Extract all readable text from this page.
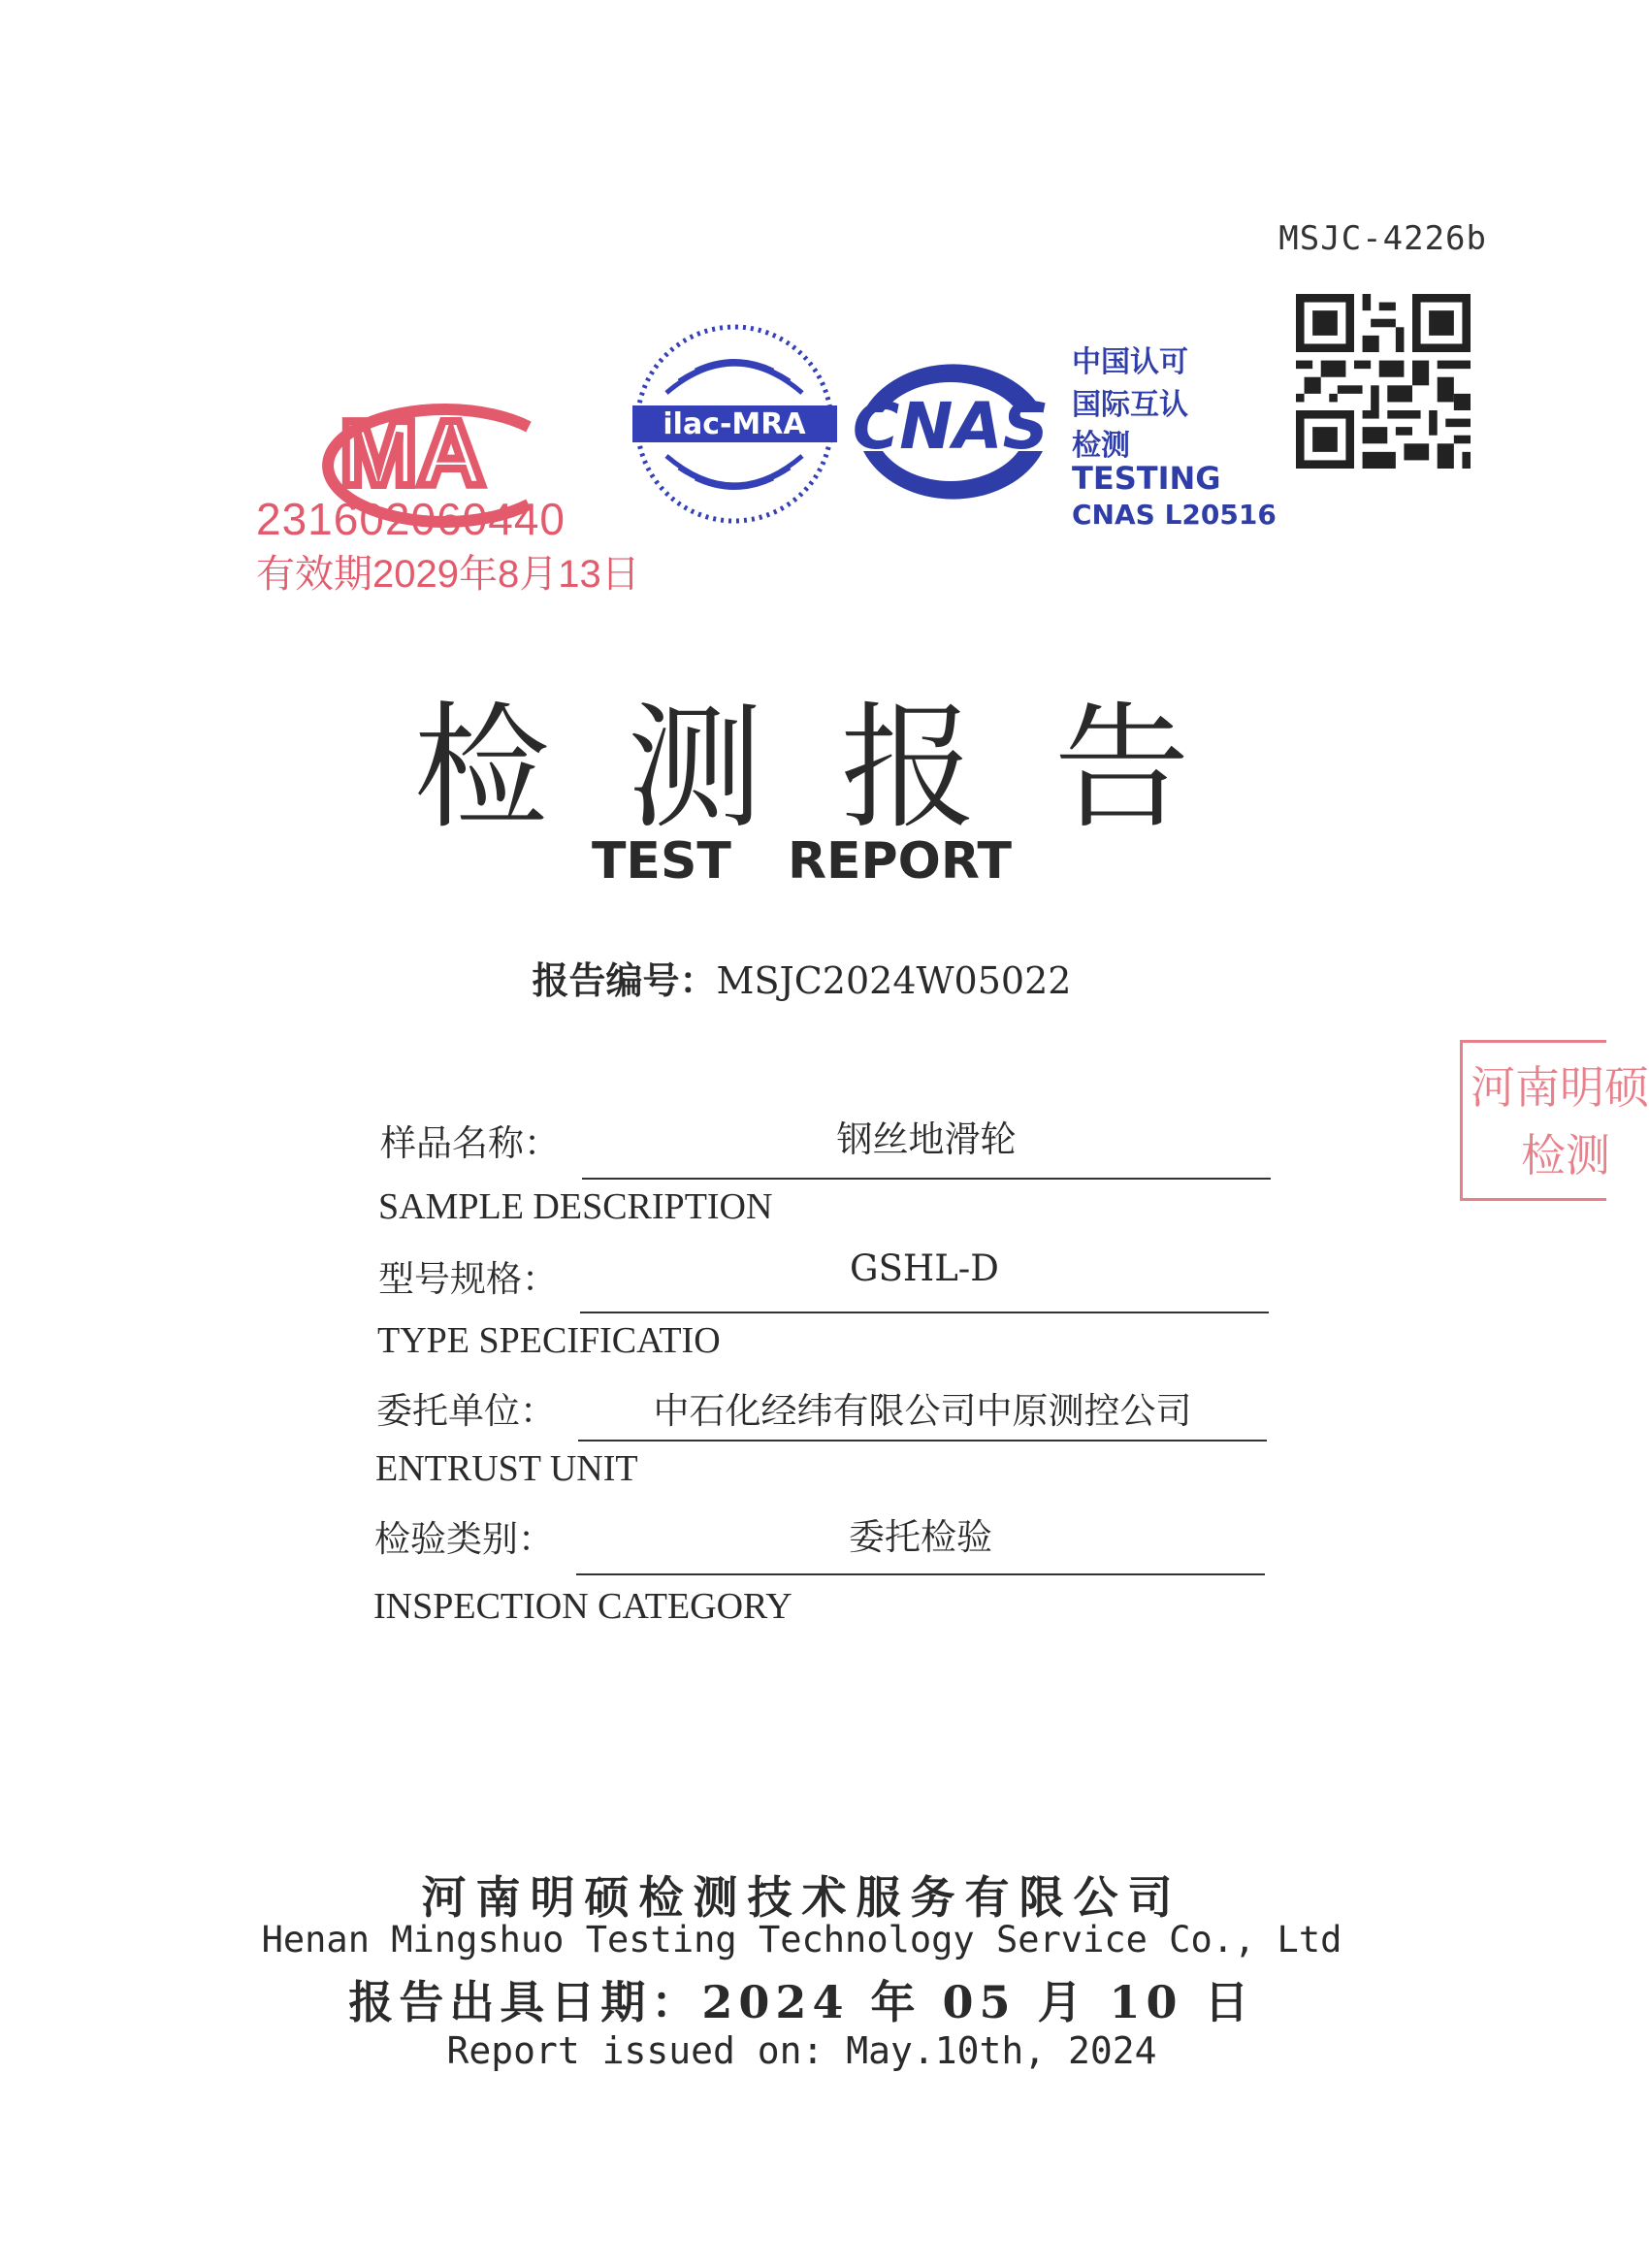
MSJC-4226b
MA
231602060440
有效期2029年8月13日
ilac-MRA CNAS
中国认可
国际互认
检测
TESTING
CNAS L20516
河南明硕
检测
检测报告
TEST REPORT
报告编号：MSJC2024W05022
样品名称：	钢丝地滑轮
SAMPLE DESCRIPTION
型号规格：	GSHL-D
TYPE SPECIFICATIO
委托单位：	中石化经纬有限公司中原测控公司
ENTRUST UNIT
检验类别：	委托检验
INSPECTION CATEGORY
河南明硕检测技术服务有限公司
Henan Mingshuo Testing Technology Service Co., Ltd
报告出具日期：2024 年 05 月 10 日
Report issued on: May.10th, 2024
